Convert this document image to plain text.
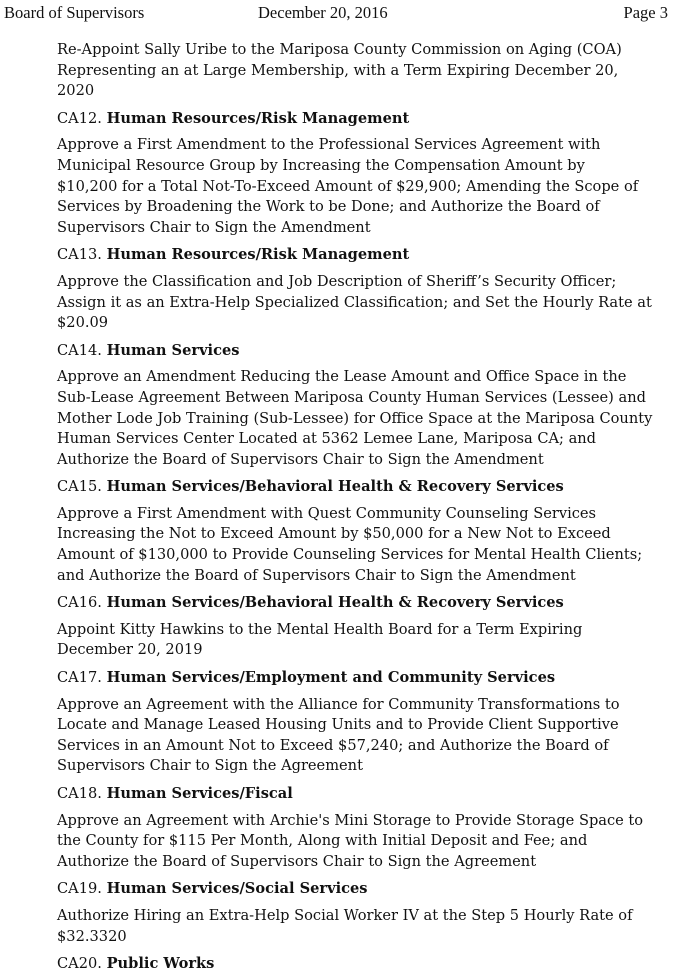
Board of Supervisors	December 20, 2016	Page 3
Re-Appoint Sally Uribe to the Mariposa County Commission on Aging (COA)
Representing an at Large Membership, with a Term Expiring December 20,
2020
CA12. Human Resources/Risk Management
Approve a First Amendment to the Professional Services Agreement with
Municipal Resource Group by Increasing the Compensation Amount by
$10,200 for a Total Not-To-Exceed Amount of $29,900; Amending the Scope of
Services by Broadening the Work to be Done; and Authorize the Board of
Supervisors Chair to Sign the Amendment
CA13. Human Resources/Risk Management
Approve the Classification and Job Description of Sheriff’s Security Officer;
Assign it as an Extra-Help Specialized Classification; and Set the Hourly Rate at
$20.09
CA14. Human Services
Approve an Amendment Reducing the Lease Amount and Office Space in the
Sub-Lease Agreement Between Mariposa County Human Services (Lessee) and
Mother Lode Job Training (Sub-Lessee) for Office Space at the Mariposa County
Human Services Center Located at 5362 Lemee Lane, Mariposa CA; and
Authorize the Board of Supervisors Chair to Sign the Amendment
CA15. Human Services/Behavioral Health & Recovery Services
Approve a First Amendment with Quest Community Counseling Services
Increasing the Not to Exceed Amount by $50,000 for a New Not to Exceed
Amount of $130,000 to Provide Counseling Services for Mental Health Clients;
and Authorize the Board of Supervisors Chair to Sign the Amendment
CA16. Human Services/Behavioral Health & Recovery Services
Appoint Kitty Hawkins to the Mental Health Board for a Term Expiring
December 20, 2019
CA17. Human Services/Employment and Community Services
Approve an Agreement with the Alliance for Community Transformations to
Locate and Manage Leased Housing Units and to Provide Client Supportive
Services in an Amount Not to Exceed $57,240; and Authorize the Board of
Supervisors Chair to Sign the Agreement
CA18. Human Services/Fiscal
Approve an Agreement with Archie's Mini Storage to Provide Storage Space to
the County for $115 Per Month, Along with Initial Deposit and Fee; and
Authorize the Board of Supervisors Chair to Sign the Agreement
CA19. Human Services/Social Services
Authorize Hiring an Extra-Help Social Worker IV at the Step 5 Hourly Rate of
$32.3320
CA20. Public Works
